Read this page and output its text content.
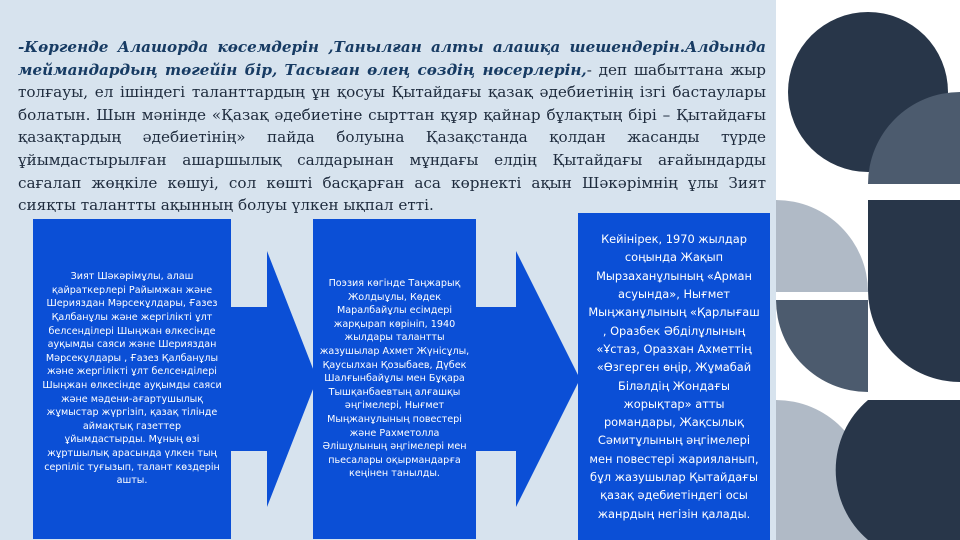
-Көргенде Алашорда көсемдерін ,Танылған алты алашқа шешендерін.Алдында меймандардың төгейін бір, Тасыған өлең сөздің нөсерлерін,- деп шабыттана жыр толғауы, ел ішіндегі таланттардың ұн қосуы Қытайдағы қазақ әдебиетінің ізгі бастаулары болатын. Шын мәнінде «Қазақ әдебиетіне сырттан құяр қайнар бұлақтың бірі – Қытайдағы қазақтардың әдебиетінің» пайда болуына Қазақстанда қолдан жасанды түрде ұйымдастырылған ашаршылық салдарынан мұндағы елдің Қытайдағы ағайындарды сағалап жөңкіле көшуі, сол көшті басқарған аса көрнекті ақын Шәкәрімнің ұлы Зият сияқты талантты ақынның болуы үлкен ықпал етті.

Зият Шәкәрімұлы, алаш қайраткерлері Райымжан және Шерияздан Мәрсекұлдары, Ғазез Қалбанұлы және жергілікті ұлт белсенділері Шыңжан өлкесінде ауқымды саяси және Шерияздан Мәрсекұлдары , Ғазез Қалбанұлы және жергілікті ұлт белсенділері Шыңжан өлкесінде ауқымды саяси және мәдени-ағартушылық жұмыстар жүргізіп, қазақ тілінде аймақтық газеттер ұйымдастырды. Мұның өзі жұртшылық арасында үлкен тың серпіліс туғызып, талант көздерін ашты.
Поэзия көгінде Таңжарық Жолдыұлы, Көдек Маралбайұлы есімдері жарқырап көрініп, 1940 жылдары талантты жазушылар Ахмет Жүнісұлы, Қаусылхан Қозыбаев, Дүбек Шалғынбайұлы мен Бұқара Тышқанбаевтың алғашқы әңгімелері, Нығмет Мыңжанұлының повестері және Рахметолла Әлішұлының әңгімелері мен пьесалары оқырмандарға кеңінен танылды.
Кейінірек, 1970 жылдар соңында Жақып Мырзаханұлының «Арман асуында», Нығмет Мыңжанұлының «Қарлығаш , Оразбек Әбділұлының «Ұстаз, Оразхан Ахметтің «Өзгерген өңір, Жұмабай Біләлдің Жондағы жорықтар» атты романдары, Жақсылық Сәмитұлының әңгімелері мен повестері жарияланып, бұл жазушылар Қытайдағы қазақ әдебиетіндегі осы жанрдың негізін қалады.
